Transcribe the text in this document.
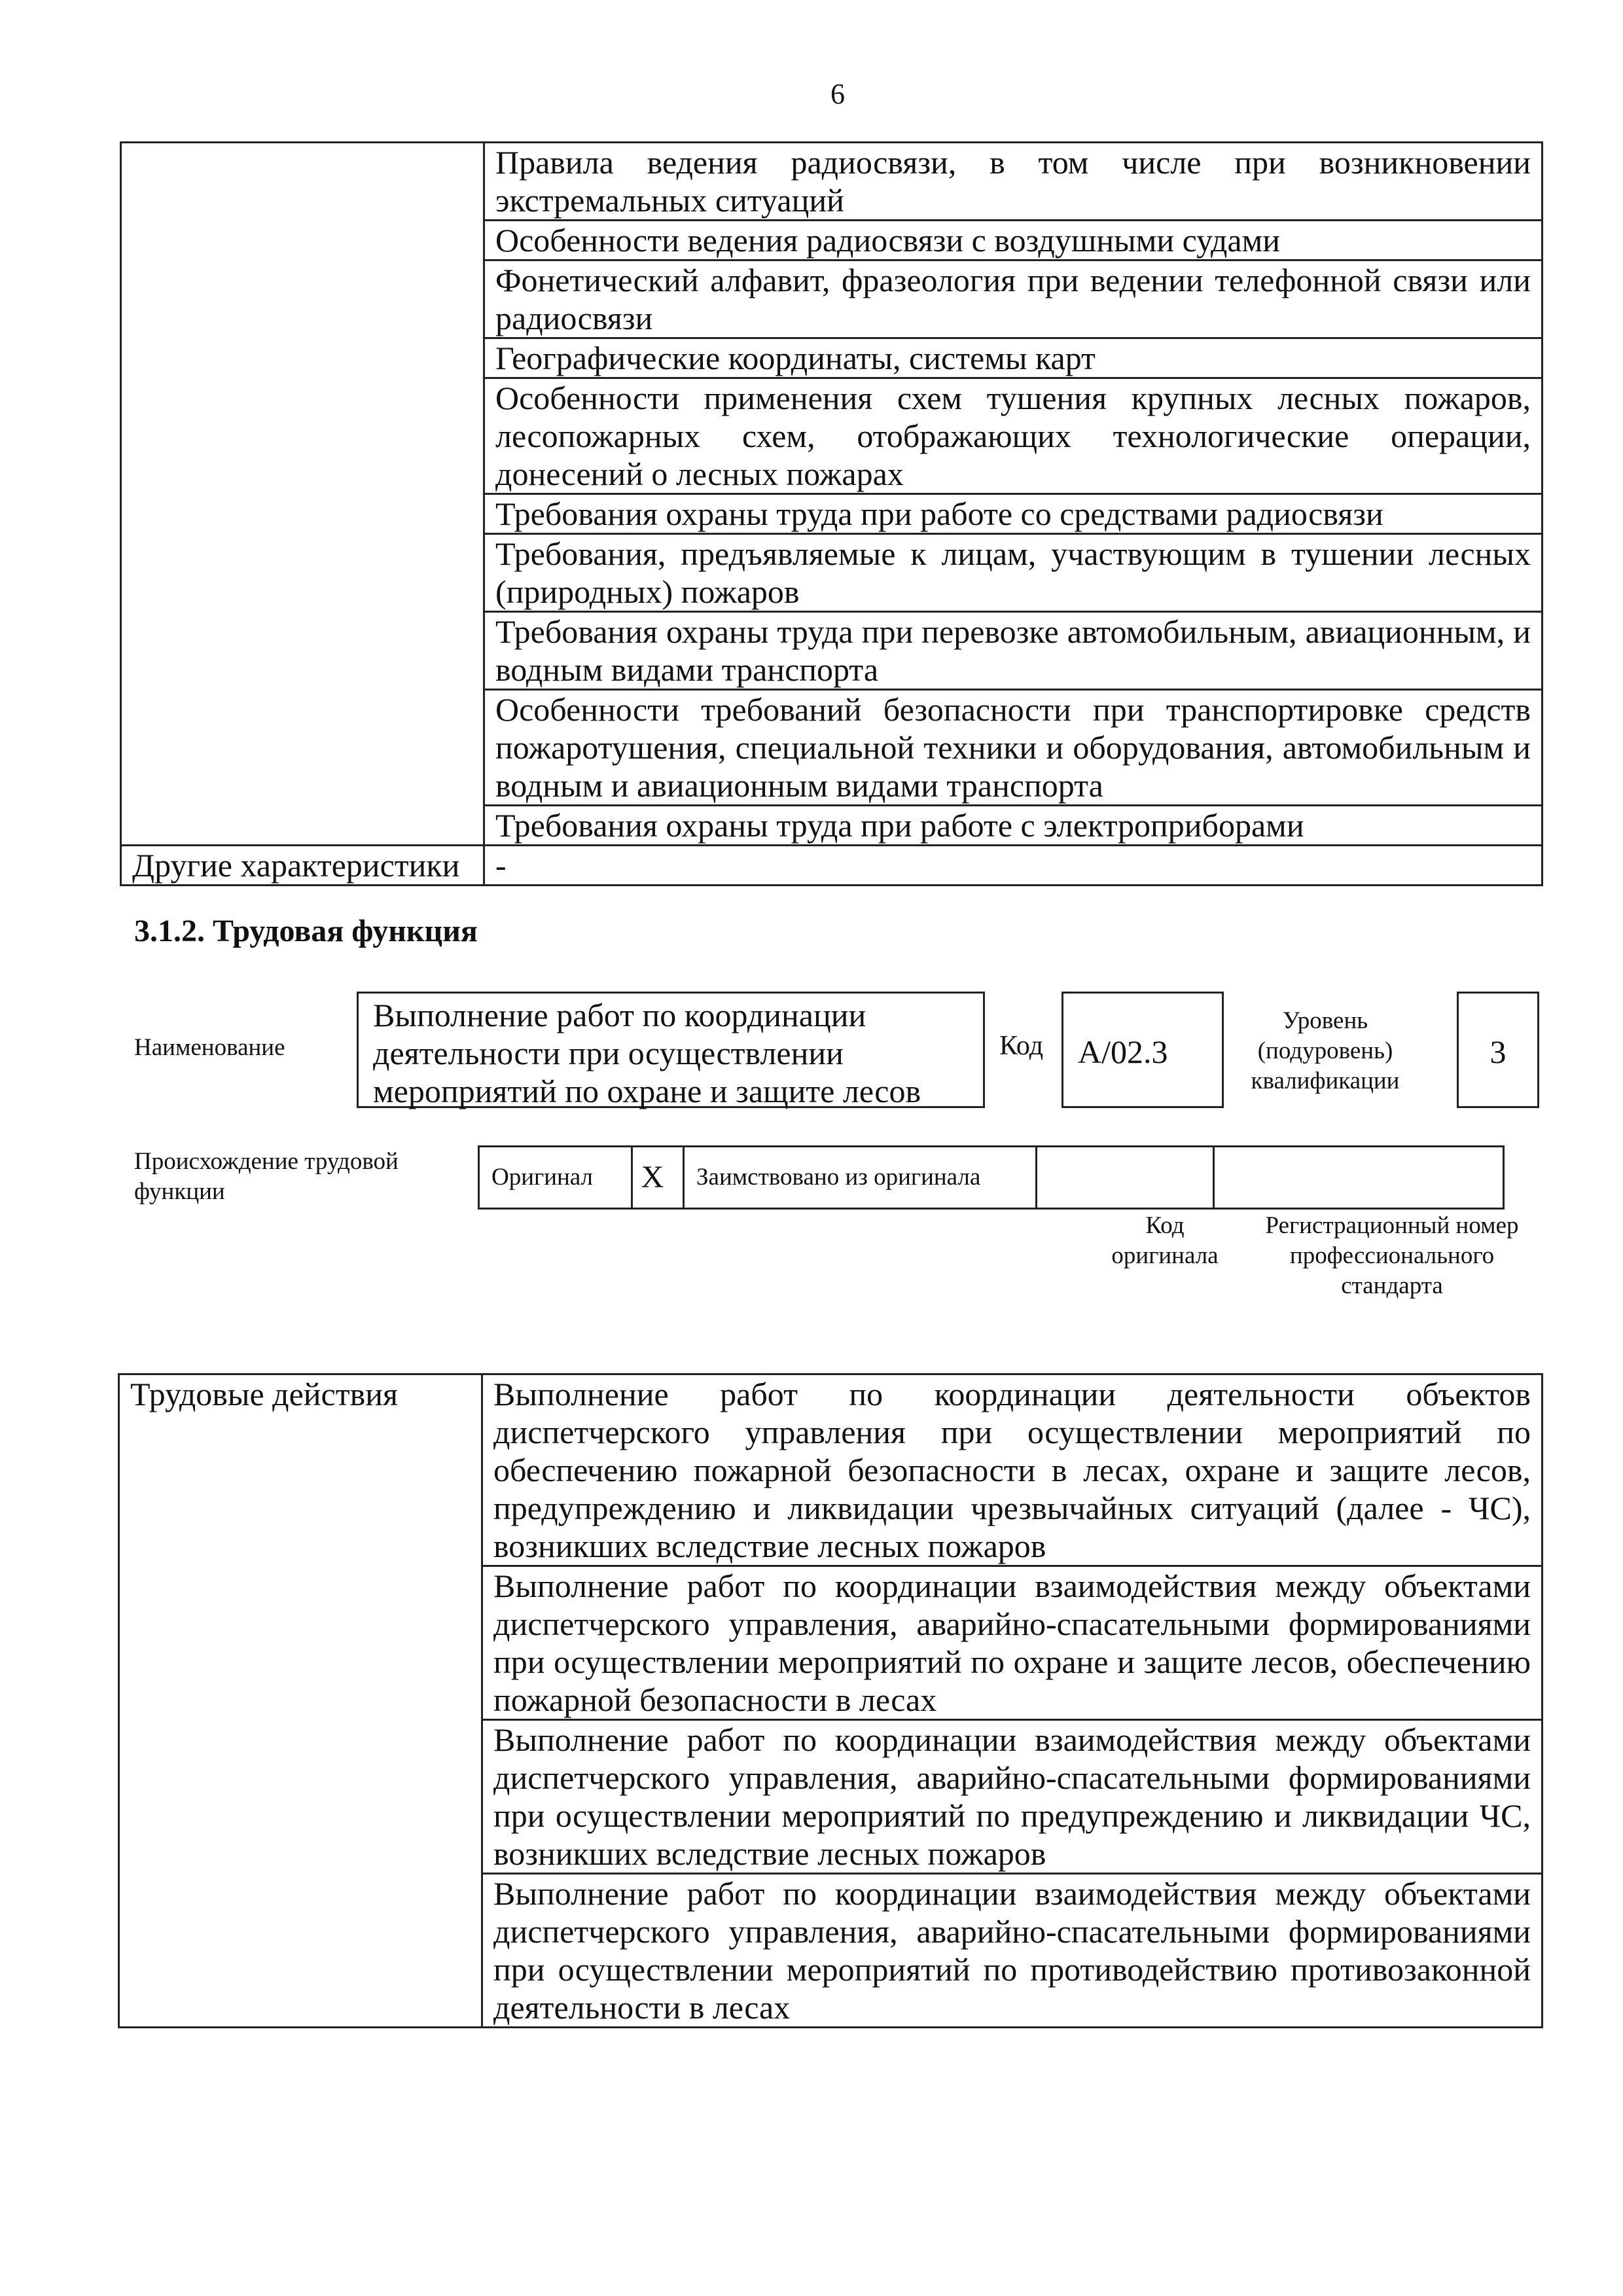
6
	Правила ведения радиосвязи, в том числе при возникновении экстремальных ситуаций
	Особенности ведения радиосвязи с воздушными судами
	Фонетический алфавит, фразеология при ведении телефонной связи или радиосвязи
	Географические координаты, системы карт
	Особенности применения схем тушения крупных лесных пожаров, лесопожарных схем, отображающих технологические операции, донесений о лесных пожарах
	Требования охраны труда при работе со средствами радиосвязи
	Требования, предъявляемые к лицам, участвующим в тушении лесных (природных) пожаров
	Требования охраны труда при перевозке автомобильным, авиационным, и водным видами транспорта
	Особенности требований безопасности при транспортировке средств пожаротушения, специальной техники и оборудования, автомобильным и водным и авиационным видами транспорта
	Требования охраны труда при работе с электроприборами
Другие характеристики	-
3.1.2. Трудовая функция
Наименование
Выполнение работ по координации деятельности при осуществлении мероприятий по охране и защите лесов
Код	А/02.3
Уровень (подуровень) квалификации
3
Происхождение трудовой функции
Оригинал	X	Заимствовано из оригинала		
Код оригинала
Регистрационный номер профессионального стандарта
Трудовые действия	Выполнение работ по координации деятельности объектов диспетчерского управления при осуществлении мероприятий по обеспечению пожарной безопасности в лесах, охране и защите лесов, предупреждению и ликвидации чрезвычайных ситуаций (далее - ЧС), возникших вследствие лесных пожаров
Выполнение работ по координации взаимодействия между объектами диспетчерского управления, аварийно-спасательными формированиями при осуществлении мероприятий по охране и защите лесов, обеспечению пожарной безопасности в лесах
Выполнение работ по координации взаимодействия между объектами диспетчерского управления, аварийно-спасательными формированиями при осуществлении мероприятий по предупреждению и ликвидации ЧС, возникших вследствие лесных пожаров
Выполнение работ по координации взаимодействия между объектами диспетчерского управления, аварийно-спасательными формированиями при осуществлении мероприятий по противодействию противозаконной деятельности в лесах
